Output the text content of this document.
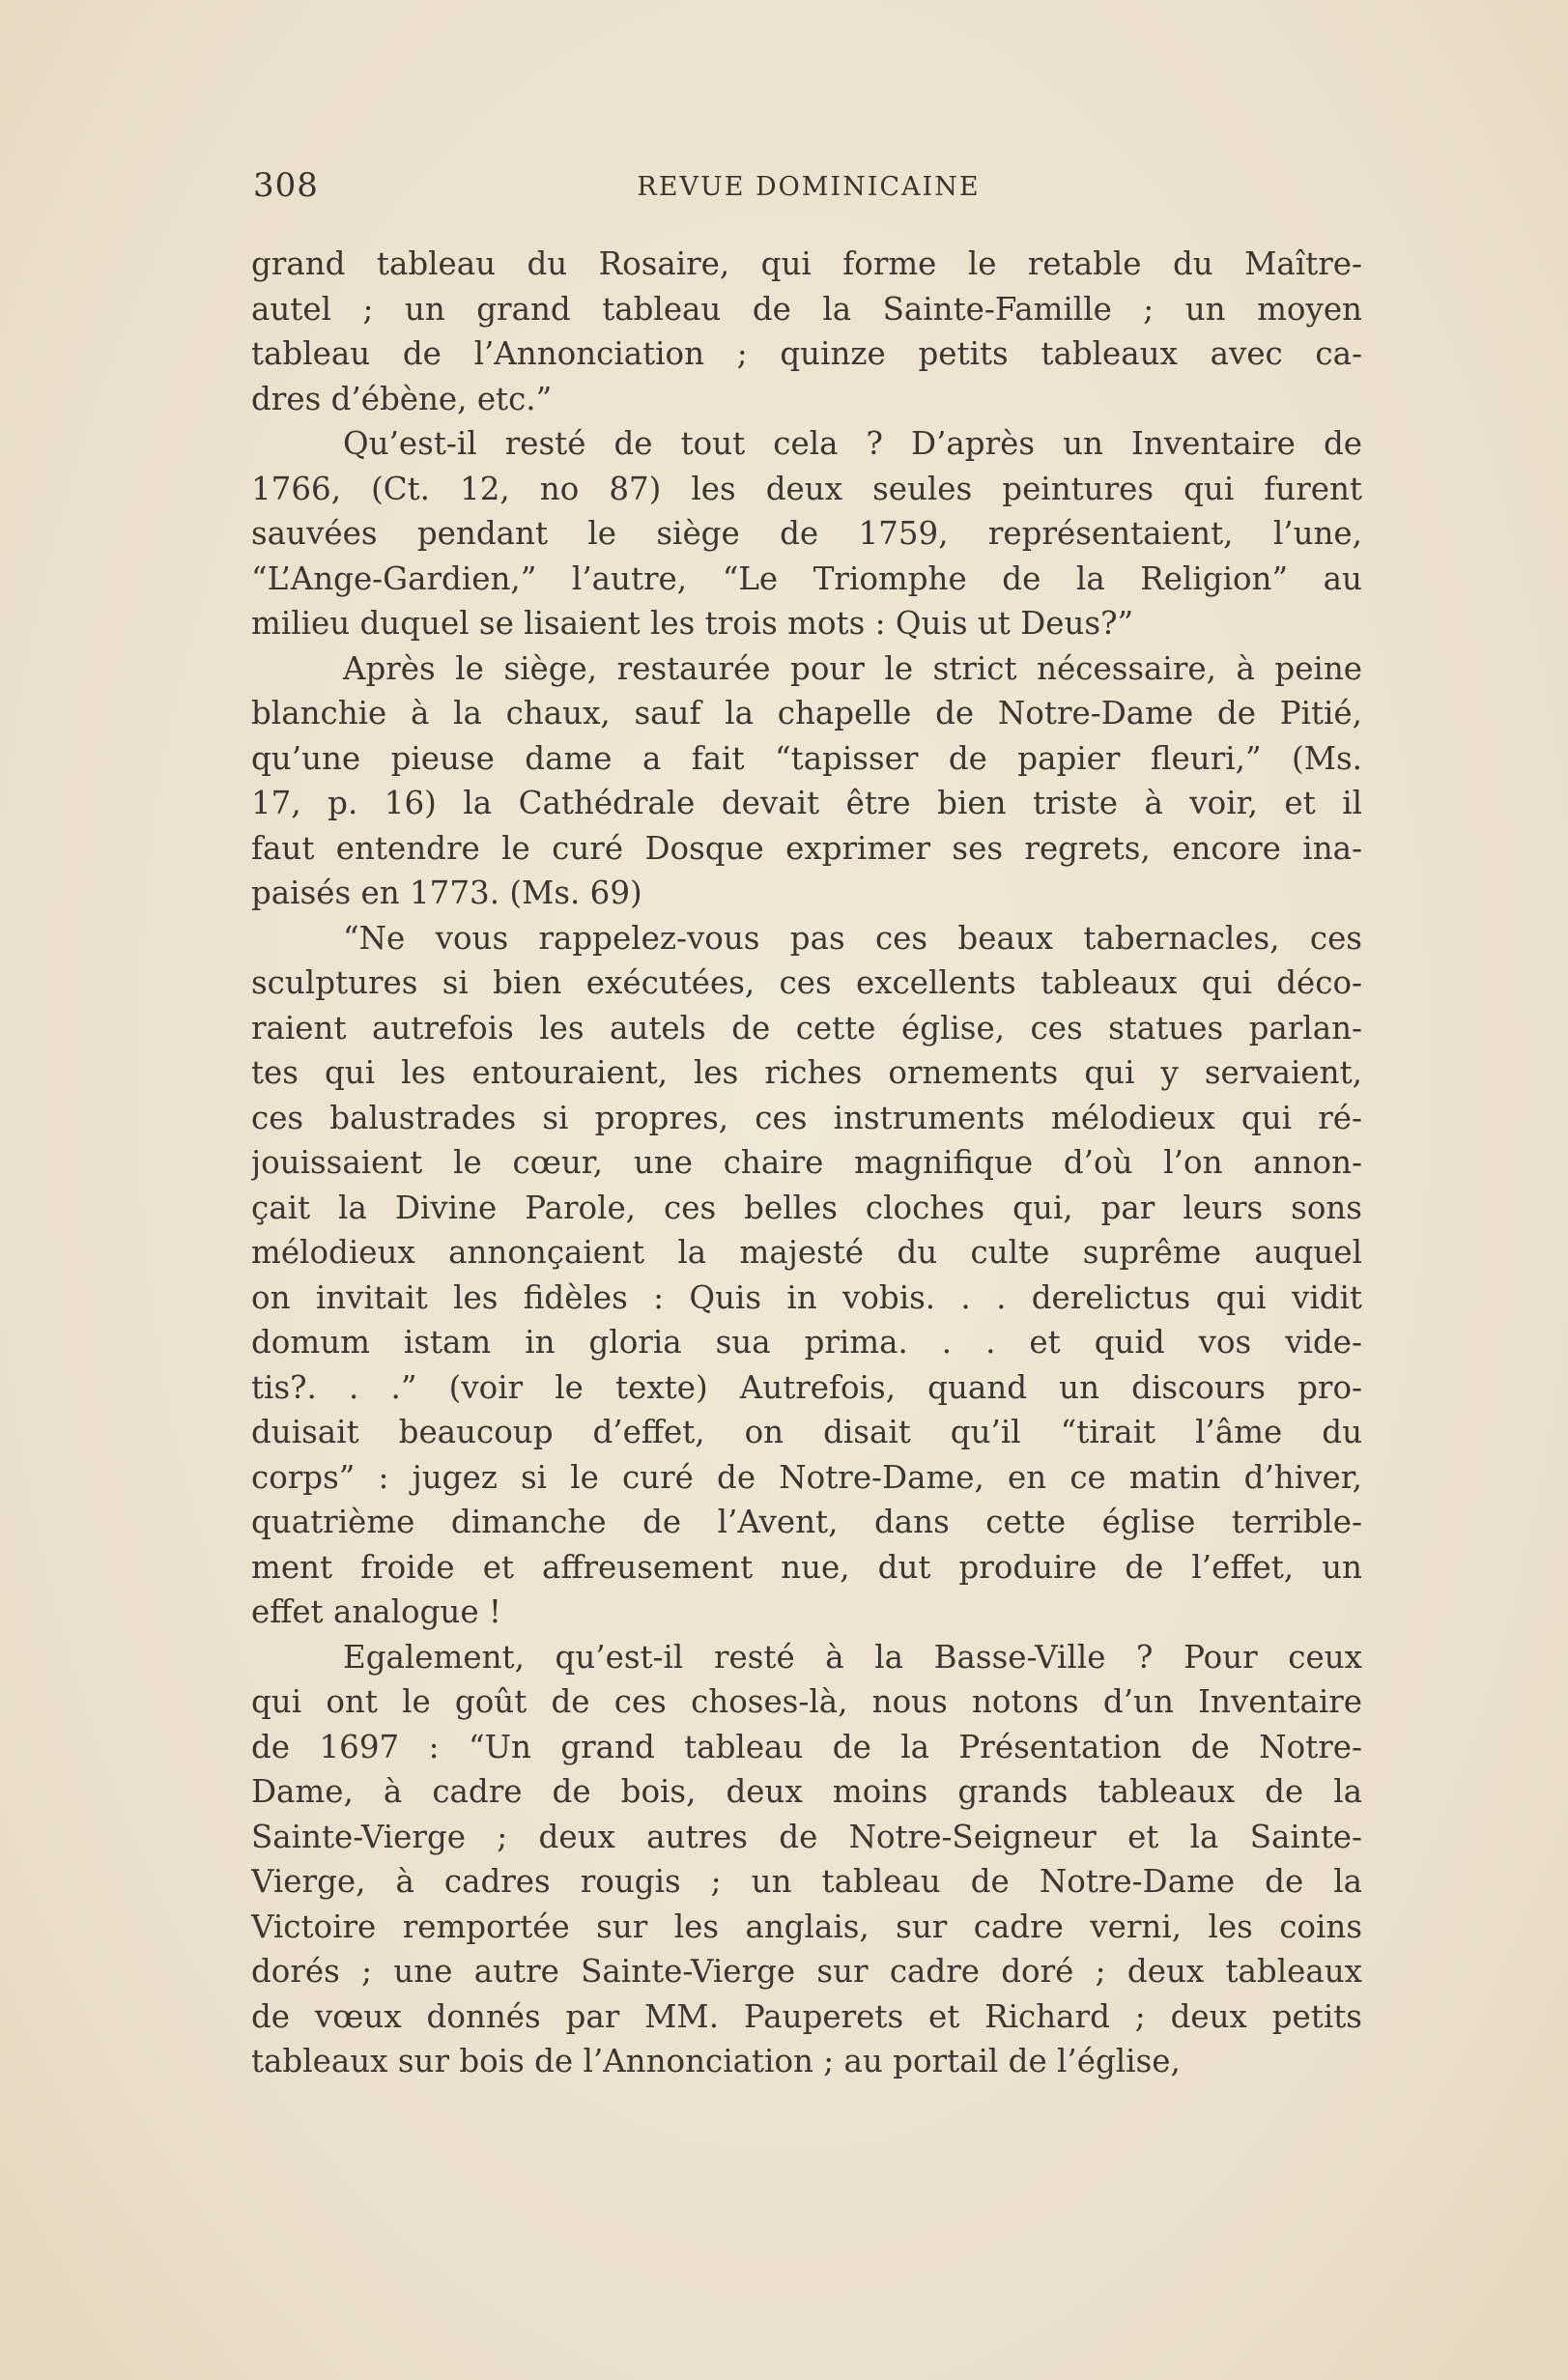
308	REVUE DOMINICAINE

grand tableau du Rosaire, qui forme le retable du Maître-
autel ; un grand tableau de la Sainte-Famille ; un moyen
tableau de l’Annonciation ; quinze petits tableaux avec ca-
dres d’ébène, etc.”

Qu’est-il resté de tout cela ? D’après un Inventaire de
1766, (Ct. 12, no 87) les deux seules peintures qui furent
sauvées pendant le siège de 1759, représentaient, l’une,
“L’Ange-Gardien,” l’autre, “Le Triomphe de la Religion” au
milieu duquel se lisaient les trois mots : Quis ut Deus?”

Après le siège, restaurée pour le strict nécessaire, à peine
blanchie à la chaux, sauf la chapelle de Notre-Dame de Pitié,
qu’une pieuse dame a fait “tapisser de papier fleuri,” (Ms.
17, p. 16) la Cathédrale devait être bien triste à voir, et il
faut entendre le curé Dosque exprimer ses regrets, encore ina-
paisés en 1773. (Ms. 69)

“Ne vous rappelez-vous pas ces beaux tabernacles, ces
sculptures si bien exécutées, ces excellents tableaux qui déco-
raient autrefois les autels de cette église, ces statues parlan-
tes qui les entouraient, les riches ornements qui y servaient,
ces balustrades si propres, ces instruments mélodieux qui ré-
jouissaient le cœur, une chaire magnifique d’où l’on annon-
çait la Divine Parole, ces belles cloches qui, par leurs sons
mélodieux annonçaient la majesté du culte suprême auquel
on invitait les fidèles : Quis in vobis. . . derelictus qui vidit
domum istam in gloria sua prima. . . et quid vos vide-
tis?. . .” (voir le texte) Autrefois, quand un discours pro-
duisait beaucoup d’effet, on disait qu’il “tirait l’âme du
corps” : jugez si le curé de Notre-Dame, en ce matin d’hiver,
quatrième dimanche de l’Avent, dans cette église terrible-
ment froide et affreusement nue, dut produire de l’effet, un
effet analogue !

Egalement, qu’est-il resté à la Basse-Ville ? Pour ceux
qui ont le goût de ces choses-là, nous notons d’un Inventaire
de 1697 : “Un grand tableau de la Présentation de Notre-
Dame, à cadre de bois, deux moins grands tableaux de la
Sainte-Vierge ; deux autres de Notre-Seigneur et la Sainte-
Vierge, à cadres rougis ; un tableau de Notre-Dame de la
Victoire remportée sur les anglais, sur cadre verni, les coins
dorés ; une autre Sainte-Vierge sur cadre doré ; deux tableaux
de vœux donnés par MM. Pauperets et Richard ; deux petits
tableaux sur bois de l’Annonciation ; au portail de l’église,
